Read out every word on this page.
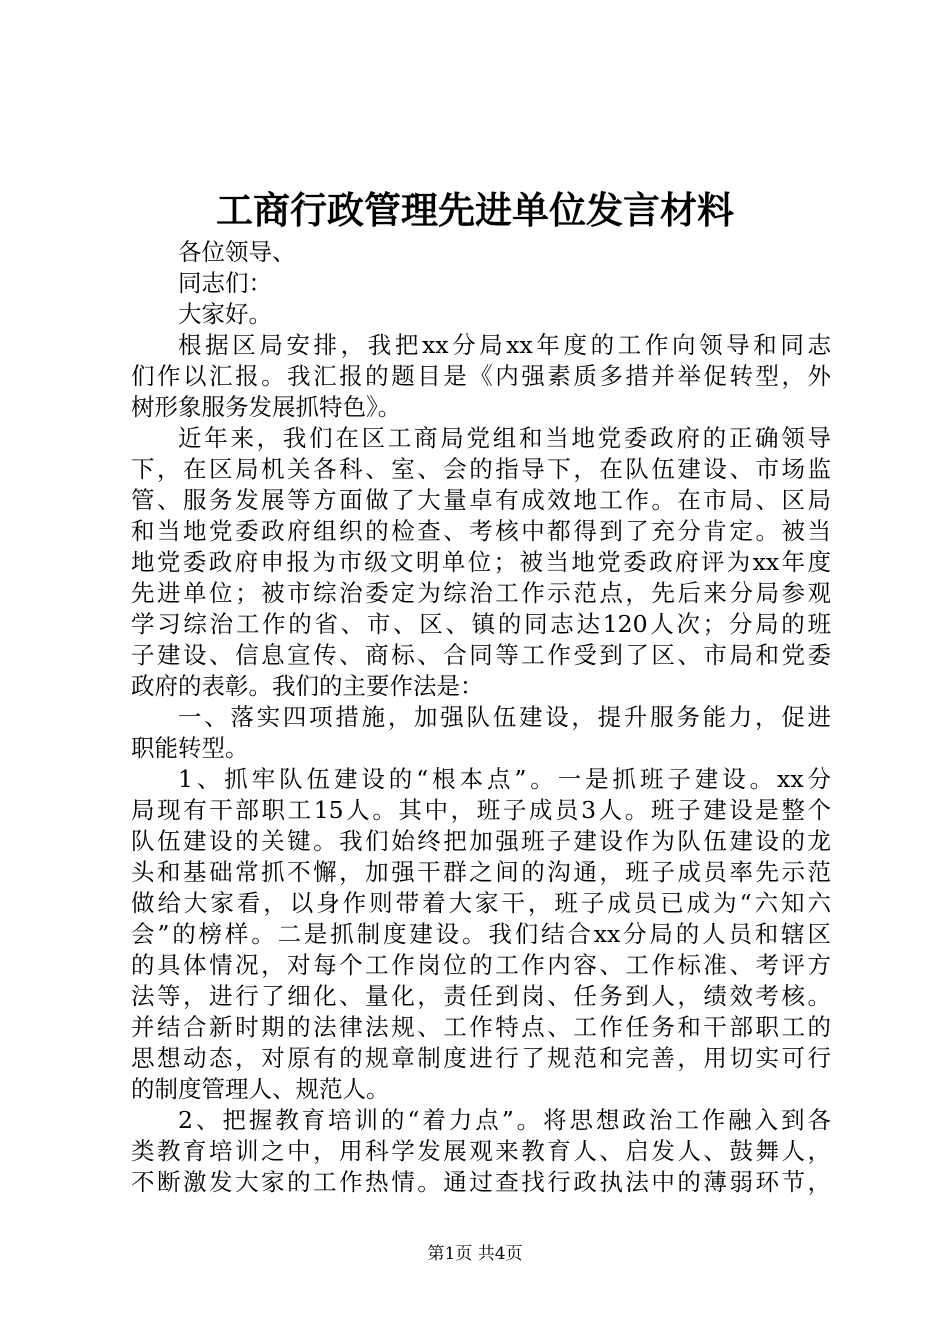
工商行政管理先进单位发言材料
各位领导、
同志们：
大家好。
根据区局安排，我把xx分局xx年度的工作向领导和同志
们作以汇报。我汇报的题目是《内强素质多措并举促转型，外
树形象服务发展抓特色》。
近年来，我们在区工商局党组和当地党委政府的正确领导
下，在区局机关各科、室、会的指导下，在队伍建设、市场监
管、服务发展等方面做了大量卓有成效地工作。在市局、区局
和当地党委政府组织的检查、考核中都得到了充分肯定。被当
地党委政府申报为市级文明单位；被当地党委政府评为xx年度
先进单位；被市综治委定为综治工作示范点，先后来分局参观
学习综治工作的省、市、区、镇的同志达120人次；分局的班
子建设、信息宣传、商标、合同等工作受到了区、市局和党委
政府的表彰。我们的主要作法是：
一、落实四项措施，加强队伍建设，提升服务能力，促进
职能转型。
1、抓牢队伍建设的“根本点”。一是抓班子建设。xx分
局现有干部职工15人。其中，班子成员3人。班子建设是整个
队伍建设的关键。我们始终把加强班子建设作为队伍建设的龙
头和基础常抓不懈，加强干群之间的沟通，班子成员率先示范
做给大家看，以身作则带着大家干，班子成员已成为“六知六
会”的榜样。二是抓制度建设。我们结合xx分局的人员和辖区
的具体情况，对每个工作岗位的工作内容、工作标准、考评方
法等，进行了细化、量化，责任到岗、任务到人，绩效考核。
并结合新时期的法律法规、工作特点、工作任务和干部职工的
思想动态，对原有的规章制度进行了规范和完善，用切实可行
的制度管理人、规范人。
2、把握教育培训的“着力点”。将思想政治工作融入到各
类教育培训之中，用科学发展观来教育人、启发人、鼓舞人，
不断激发大家的工作热情。通过查找行政执法中的薄弱环节，
第1页 共4页
